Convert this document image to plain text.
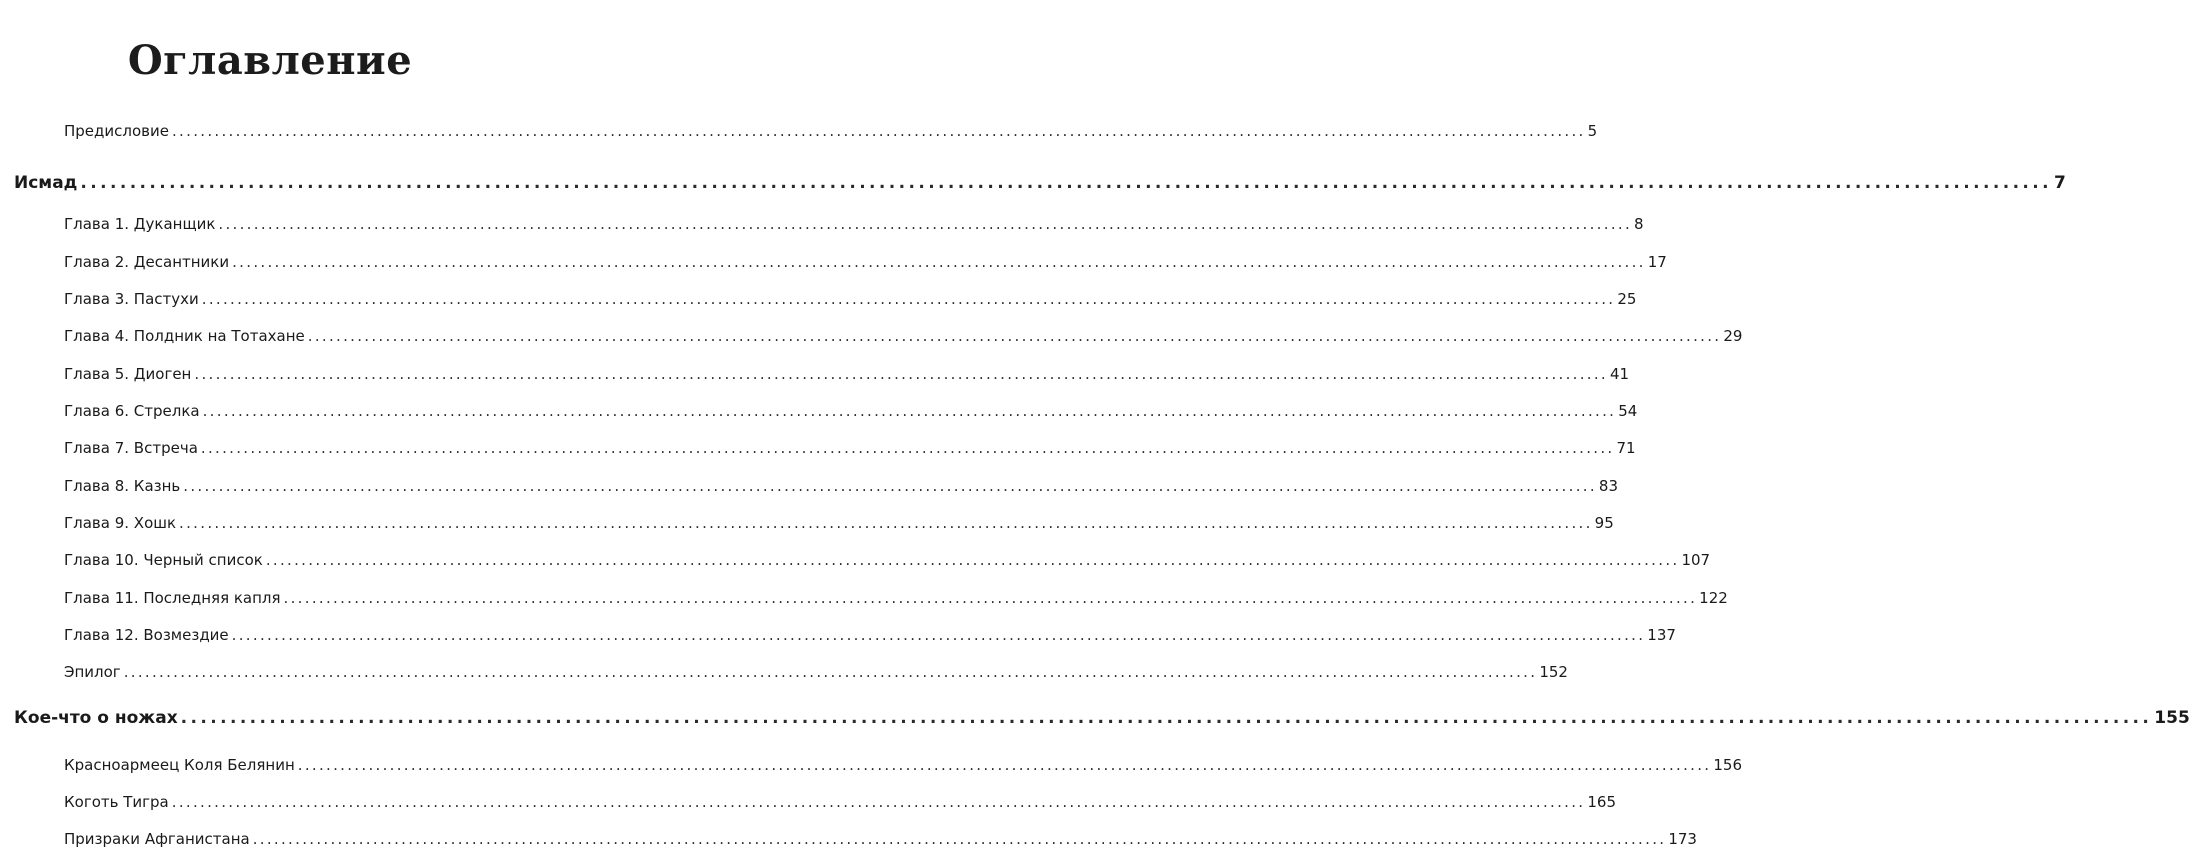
Оглавление
Предисловие ........................................................................................................................................................................................................ 5
Исмад ........................................................................................................................................................................................................ 7
Глава 1. Дуканщик ........................................................................................................................................................................................................ 8
Глава 2. Десантники ........................................................................................................................................................................................................ 17
Глава 3. Пастухи ........................................................................................................................................................................................................ 25
Глава 4. Полдник на Тотахане ........................................................................................................................................................................................................ 29
Глава 5. Диоген ........................................................................................................................................................................................................ 41
Глава 6. Стрелка ........................................................................................................................................................................................................ 54
Глава 7. Встреча ........................................................................................................................................................................................................ 71
Глава 8. Казнь ........................................................................................................................................................................................................ 83
Глава 9. Хошк ........................................................................................................................................................................................................ 95
Глава 10. Черный список ........................................................................................................................................................................................................ 107
Глава 11. Последняя капля ........................................................................................................................................................................................................ 122
Глава 12. Возмездие ........................................................................................................................................................................................................ 137
Эпилог ........................................................................................................................................................................................................ 152
Кое-что о ножах ........................................................................................................................................................................................................ 155
Красноармеец Коля Белянин ........................................................................................................................................................................................................ 156
Коготь Тигра ........................................................................................................................................................................................................ 165
Призраки Афганистана ........................................................................................................................................................................................................ 173
